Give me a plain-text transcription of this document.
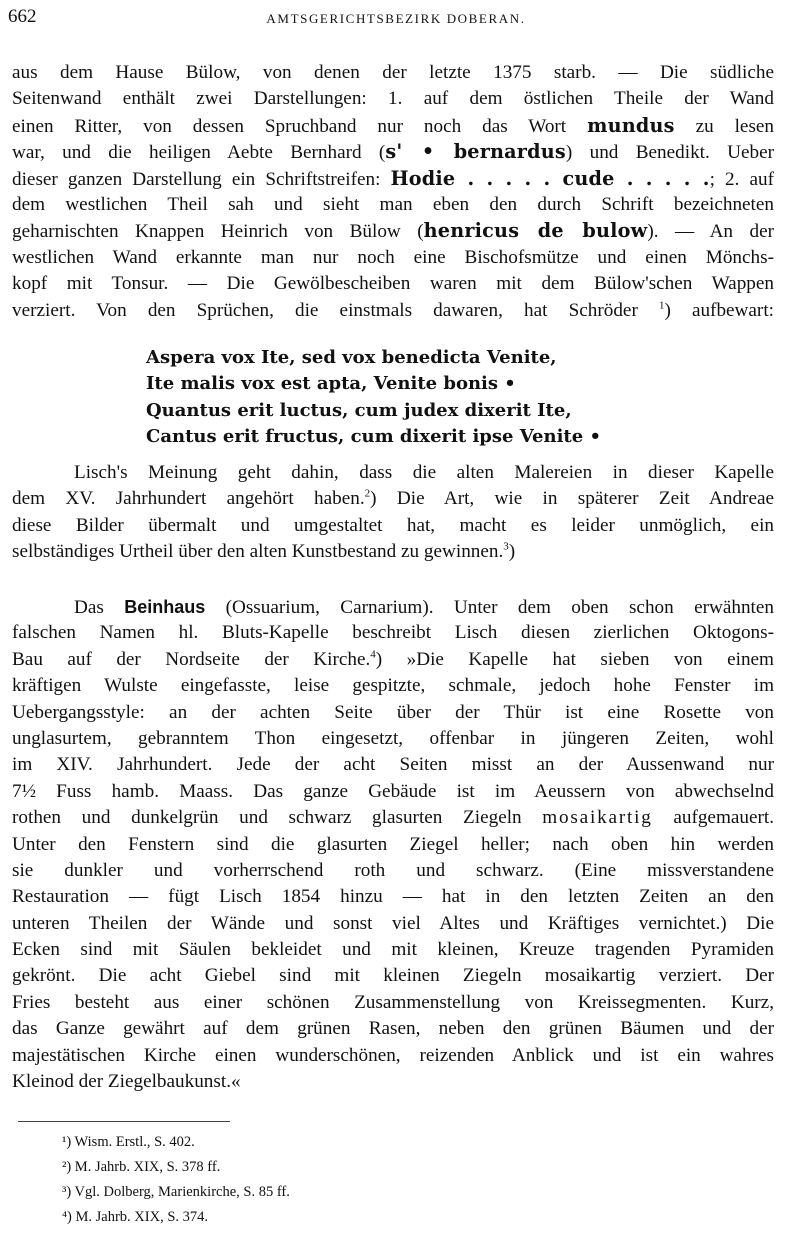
662	AMTSGERICHTSBEZIRK DOBERAN.
aus dem Hause Bülow, von denen der letzte 1375 starb. — Die südliche
Seitenwand enthält zwei Darstellungen: 1. auf dem östlichen Theile der Wand
einen Ritter, von dessen Spruchband nur noch das Wort mundus zu lesen
war, und die heiligen Aebte Bernhard (s' • bernardus) und Benedikt. Ueber
dieser ganzen Darstellung ein Schriftstreifen: Hodie . . . . . cude . . . . .; 2. auf
dem westlichen Theil sah und sieht man eben den durch Schrift bezeichneten
geharnischten Knappen Heinrich von Bülow (henricus de bulow). — An der
westlichen Wand erkannte man nur noch eine Bischofsmütze und einen Mönchs-
kopf mit Tonsur. — Die Gewölbescheiben waren mit dem Bülow'schen Wappen
verziert. Von den Sprüchen, die einstmals dawaren, hat Schröder $^1$) aufbewart:
Aspera vox Ite, sed vox benedicta Venite,
Ite malis vox est apta, Venite bonis •
Quantus erit luctus, cum judex dixerit Ite,
Cantus erit fructus, cum dixerit ipse Venite •
Lisch's Meinung geht dahin, dass die alten Malereien in dieser Kapelle
dem XV. Jahrhundert angehört haben.$^2$) Die Art, wie in späterer Zeit Andreae
diese Bilder übermalt und umgestaltet hat, macht es leider unmöglich, ein
selbständiges Urtheil über den alten Kunstbestand zu gewinnen.$^3$)
Das Beinhaus (Ossuarium, Carnarium). Unter dem oben schon erwähnten
falschen Namen hl. Bluts-Kapelle beschreibt Lisch diesen zierlichen Oktogons-
Bau auf der Nordseite der Kirche.$^4$) »Die Kapelle hat sieben von einem
kräftigen Wulste eingefasste, leise gespitzte, schmale, jedoch hohe Fenster im
Uebergangsstyle: an der achten Seite über der Thür ist eine Rosette von
unglasurtem, gebranntem Thon eingesetzt, offenbar in jüngeren Zeiten, wohl
im XIV. Jahrhundert. Jede der acht Seiten misst an der Aussenwand nur
7½ Fuss hamb. Maass. Das ganze Gebäude ist im Aeussern von abwechselnd
rothen und dunkelgrün und schwarz glasurten Ziegeln mosaikartig aufgemauert.
Unter den Fenstern sind die glasurten Ziegel heller; nach oben hin werden
sie dunkler und vorherrschend roth und schwarz. (Eine missverstandene
Restauration — fügt Lisch 1854 hinzu — hat in den letzten Zeiten an den
unteren Theilen der Wände und sonst viel Altes und Kräftiges vernichtet.) Die
Ecken sind mit Säulen bekleidet und mit kleinen, Kreuze tragenden Pyramiden
gekrönt. Die acht Giebel sind mit kleinen Ziegeln mosaikartig verziert. Der
Fries besteht aus einer schönen Zusammenstellung von Kreissegmenten. Kurz,
das Ganze gewährt auf dem grünen Rasen, neben den grünen Bäumen und der
majestätischen Kirche einen wunderschönen, reizenden Anblick und ist ein wahres
Kleinod der Ziegelbaukunst.«
¹) Wism. Erstl., S. 402.
²) M. Jahrb. XIX, S. 378 ff.
³) Vgl. Dolberg, Marienkirche, S. 85 ff.
⁴) M. Jahrb. XIX, S. 374.
